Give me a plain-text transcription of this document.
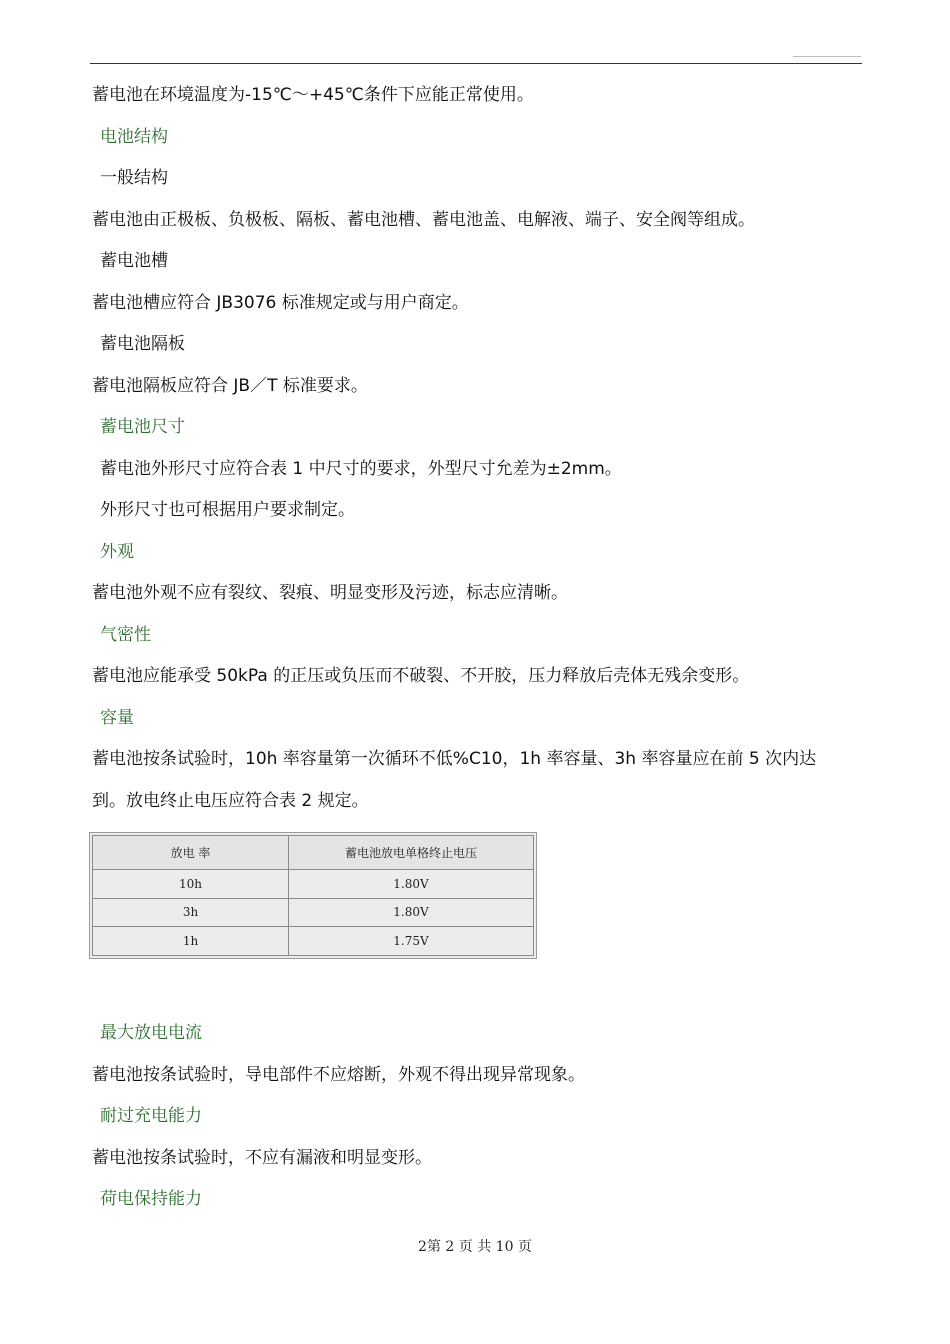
蓄电池在环境温度为-15℃～+45℃条件下应能正常使用。
电池结构
一般结构
蓄电池由正极板、负极板、隔板、蓄电池槽、蓄电池盖、电解液、端子、安全阀等组成。
蓄电池槽
蓄电池槽应符合 JB3076 标准规定或与用户商定。
蓄电池隔板
蓄电池隔板应符合 JB／T 标准要求。
蓄电池尺寸
蓄电池外形尺寸应符合表 1 中尺寸的要求，外型尺寸允差为±2mm。
外形尺寸也可根据用户要求制定。
外观
蓄电池外观不应有裂纹、裂痕、明显变形及污迹，标志应清晰。
气密性
蓄电池应能承受 50kPa 的正压或负压而不破裂、不开胶，压力释放后壳体无残余变形。
容量
蓄电池按条试验时，10h 率容量第一次循环不低%C10，1h 率容量、3h 率容量应在前 5 次内达
到。放电终止电压应符合表 2 规定。
放电 率	蓄电池放电单格终止电压
10h	1.80V
3h	1.80V
1h	1.75V
最大放电电流
蓄电池按条试验时，导电部件不应熔断，外观不得出现异常现象。
耐过充电能力
蓄电池按条试验时，不应有漏液和明显变形。
荷电保持能力
2第 2 页 共 10 页
